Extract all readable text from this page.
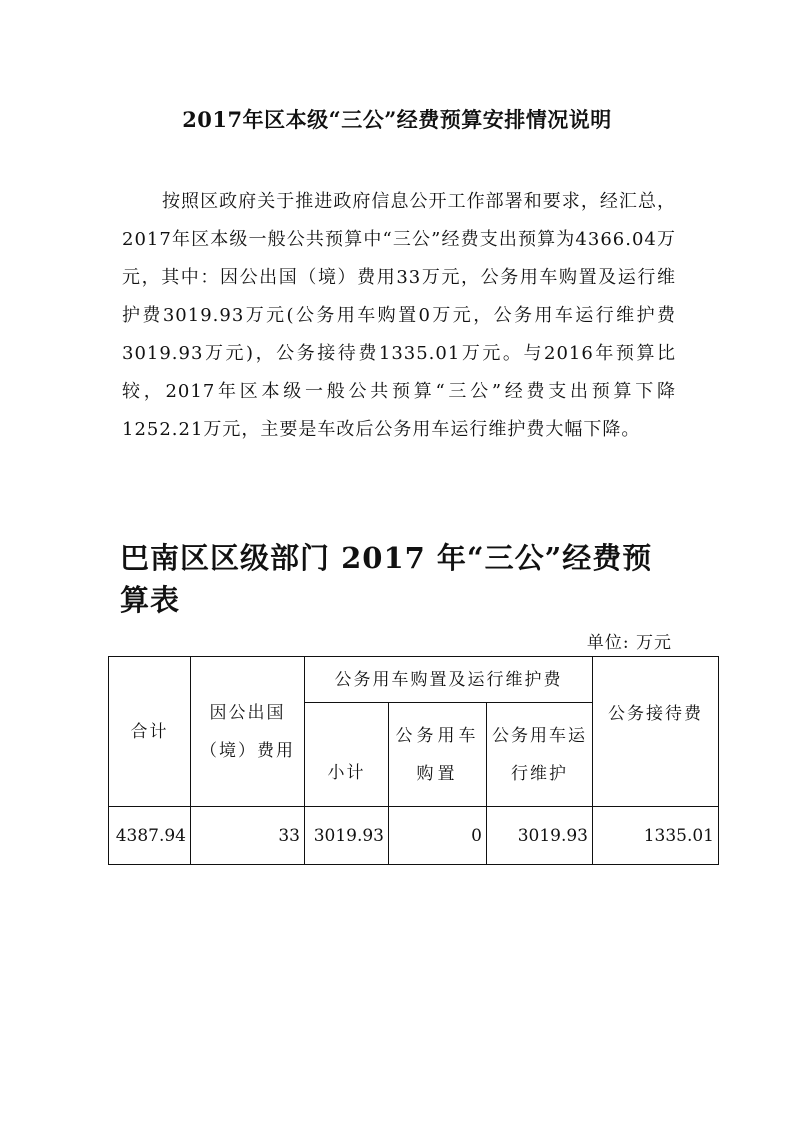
2017年区本级“三公”经费预算安排情况说明

按照区政府关于推进政府信息公开工作部署和要求，经汇总，2017年区本级一般公共预算中“三公”经费支出预算为4366.04万元，其中：因公出国（境）费用33万元，公务用车购置及运行维护费3019.93万元(公务用车购置0万元，公务用车运行维护费3019.93万元)，公务接待费1335.01万元。与2016年预算比较，2017年区本级一般公共预算“三公”经费支出预算下降1252.21万元，主要是车改后公务用车运行维护费大幅下降。

巴南区区级部门 2017 年“三公”经费预算表
单位: 万元
合计	因公出国（境）费用	公务用车购置及运行维护费			公务接待费
		小计	公务用车购置	公务用车运行维护	
4387.94	33	3019.93	0	3019.93	1335.01
